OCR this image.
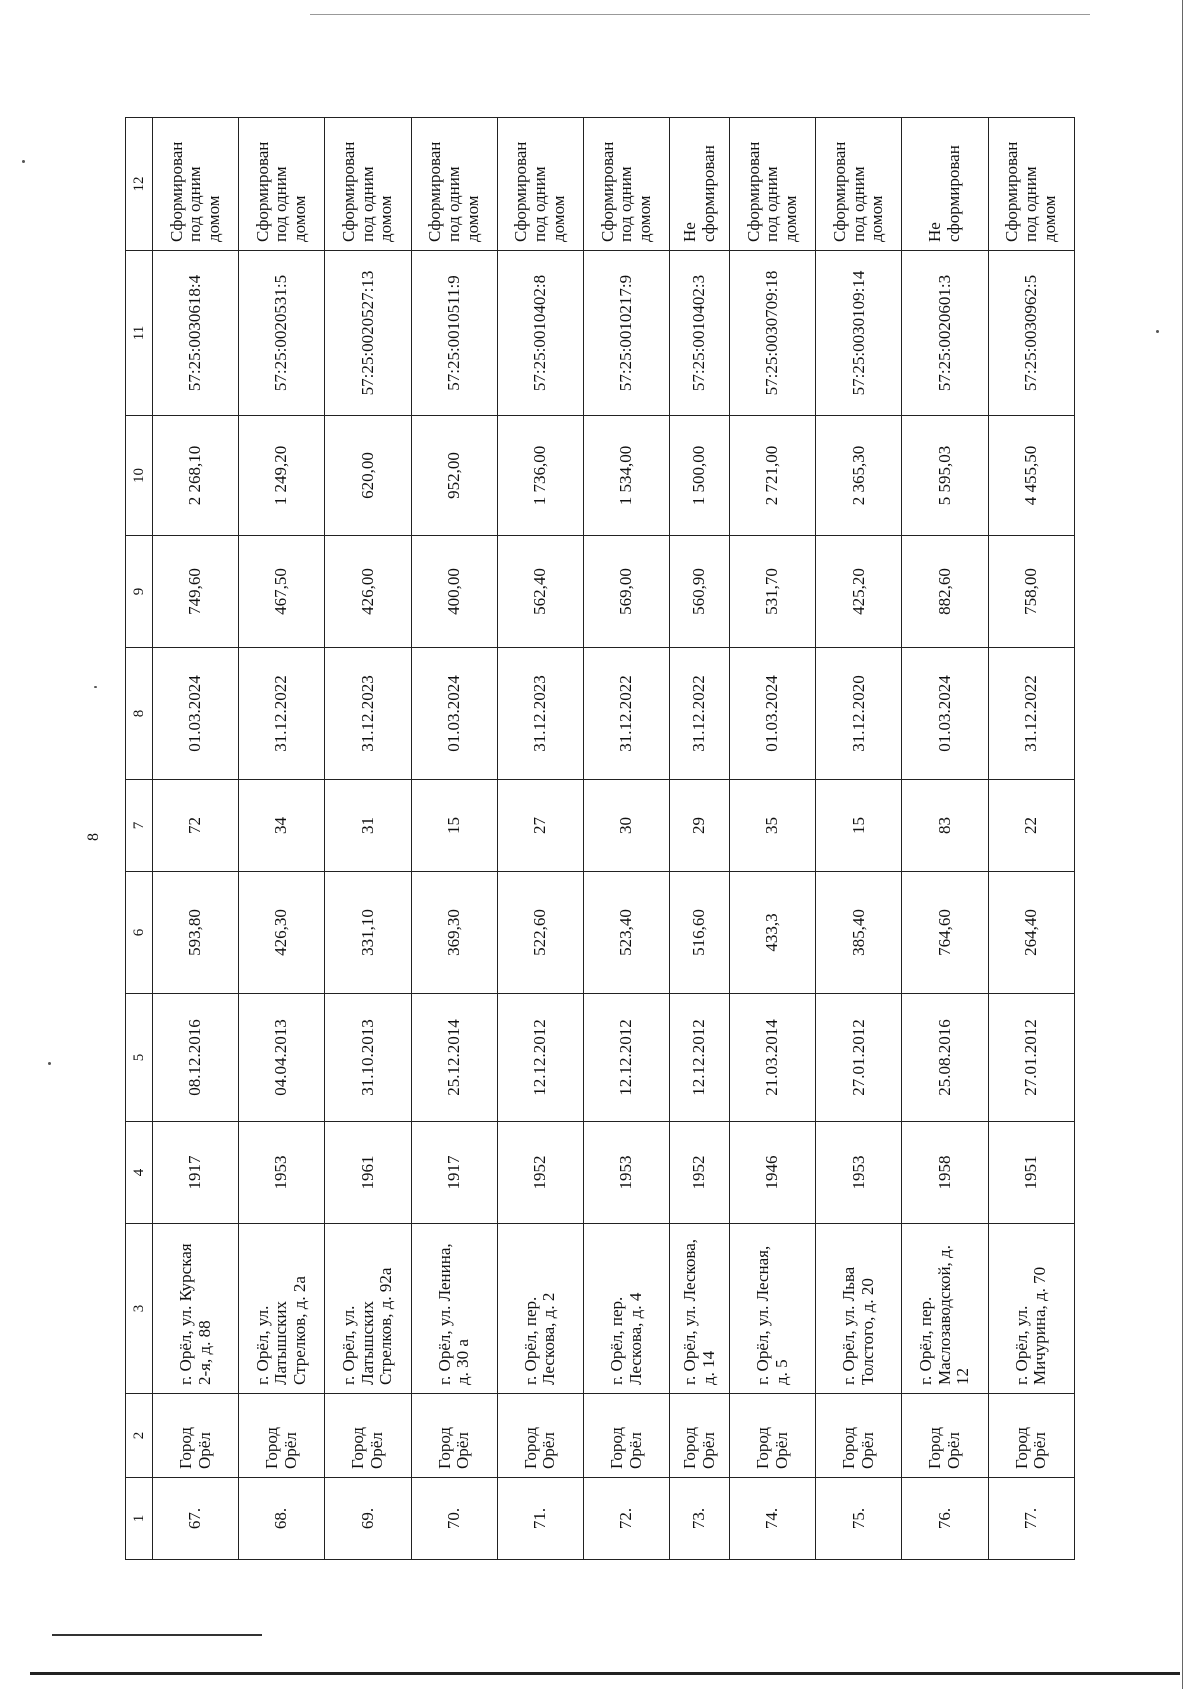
8
1	2	3	4	5	6	7	8	9	10	11	12
67.	Город Орёл	г. Орёл, ул. Курская 2-я, д. 88	1917	08.12.2016	593,80	72	01.03.2024	749,60	2 268,10	57:25:0030618:4	Сформирован под одним домом
68.	Город Орёл	г. Орёл, ул. Латышских Стрелков, д. 2а	1953	04.04.2013	426,30	34	31.12.2022	467,50	1 249,20	57:25:0020531:5	Сформирован под одним домом
69.	Город Орёл	г. Орёл, ул. Латышских Стрелков, д. 92а	1961	31.10.2013	331,10	31	31.12.2023	426,00	620,00	57:25:0020527:13	Сформирован под одним домом
70.	Город Орёл	г. Орёл, ул. Ленина, д. 30 а	1917	25.12.2014	369,30	15	01.03.2024	400,00	952,00	57:25:0010511:9	Сформирован под одним домом
71.	Город Орёл	г. Орёл, пер. Лескова, д. 2	1952	12.12.2012	522,60	27	31.12.2023	562,40	1 736,00	57:25:0010402:8	Сформирован под одним домом
72.	Город Орёл	г. Орёл, пер. Лескова, д. 4	1953	12.12.2012	523,40	30	31.12.2022	569,00	1 534,00	57:25:0010217:9	Сформирован под одним домом
73.	Город Орёл	г. Орёл, ул. Лескова, д. 14	1952	12.12.2012	516,60	29	31.12.2022	560,90	1 500,00	57:25:0010402:3	Не сформирован
74.	Город Орёл	г. Орёл, ул. Лесная, д. 5	1946	21.03.2014	433,3	35	01.03.2024	531,70	2 721,00	57:25:0030709:18	Сформирован под одним домом
75.	Город Орёл	г. Орёл, ул. Льва Толстого, д. 20	1953	27.01.2012	385,40	15	31.12.2020	425,20	2 365,30	57:25:0030109:14	Сформирован под одним домом
76.	Город Орёл	г. Орёл, пер. Маслозаводской, д. 12	1958	25.08.2016	764,60	83	01.03.2024	882,60	5 595,03	57:25:0020601:3	Не сформирован
77.	Город Орёл	г. Орёл, ул. Мичурина, д. 70	1951	27.01.2012	264,40	22	31.12.2022	758,00	4 455,50	57:25:0030962:5	Сформирован под одним домом
